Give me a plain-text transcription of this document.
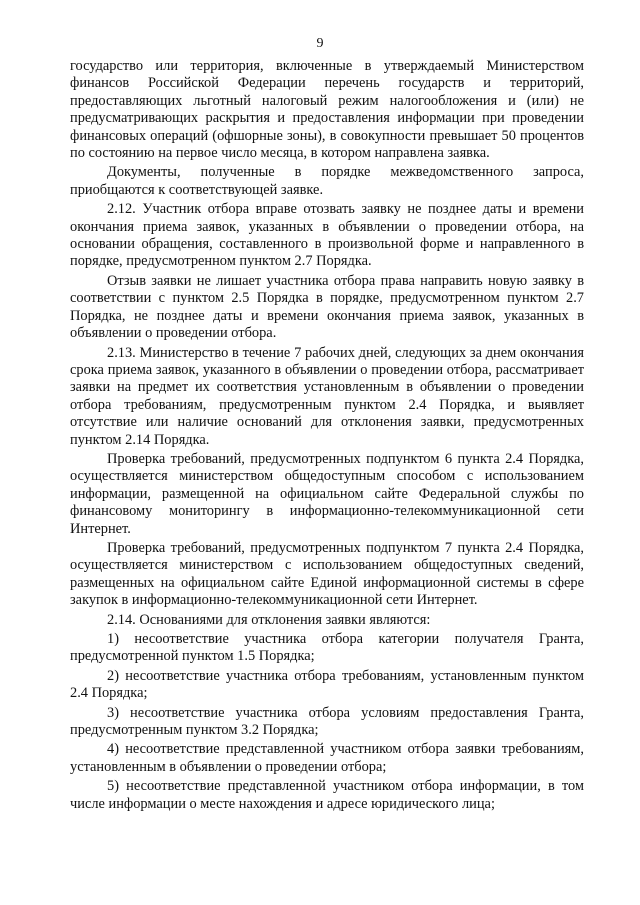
9

государство или территория, включенные в утверждаемый Министерством финансов Российской Федерации перечень государств и территорий, предоставляющих льготный налоговый режим налогообложения и (или) не предусматривающих раскрытия и предоставления информации при проведении финансовых операций (офшорные зоны), в совокупности превышает 50 процентов по состоянию на первое число месяца, в котором направлена заявка.

Документы, полученные в порядке межведомственного запроса, приобщаются к соответствующей заявке.

2.12. Участник отбора вправе отозвать заявку не позднее даты и времени окончания приема заявок, указанных в объявлении о проведении отбора, на основании обращения, составленного в произвольной форме и направленного в порядке, предусмотренном пунктом 2.7 Порядка.

Отзыв заявки не лишает участника отбора права направить новую заявку в соответствии с пунктом 2.5 Порядка в порядке, предусмотренном пунктом 2.7 Порядка, не позднее даты и времени окончания приема заявок, указанных в объявлении о проведении отбора.

2.13. Министерство в течение 7 рабочих дней, следующих за днем окончания срока приема заявок, указанного в объявлении о проведении отбора, рассматривает заявки на предмет их соответствия установленным в объявлении о проведении отбора требованиям, предусмотренным пунктом 2.4 Порядка, и выявляет отсутствие или наличие оснований для отклонения заявки, предусмотренных пунктом 2.14 Порядка.

Проверка требований, предусмотренных подпунктом 6 пункта 2.4 Порядка, осуществляется министерством общедоступным способом с использованием информации, размещенной на официальном сайте Федеральной службы по финансовому мониторингу в информационно-телекоммуникационной сети Интернет.

Проверка требований, предусмотренных подпунктом 7 пункта 2.4 Порядка, осуществляется министерством с использованием общедоступных сведений, размещенных на официальном сайте Единой информационной системы в сфере закупок в информационно-телекоммуникационной сети Интернет.

2.14. Основаниями для отклонения заявки являются:

1) несоответствие участника отбора категории получателя Гранта, предусмотренной пунктом 1.5 Порядка;

2) несоответствие участника отбора требованиям, установленным пунктом 2.4 Порядка;

3) несоответствие участника отбора условиям предоставления Гранта, предусмотренным пунктом 3.2 Порядка;

4) несоответствие представленной участником отбора заявки требованиям, установленным в объявлении о проведении отбора;

5) несоответствие представленной участником отбора информации, в том числе информации о месте нахождения и адресе юридического лица;
